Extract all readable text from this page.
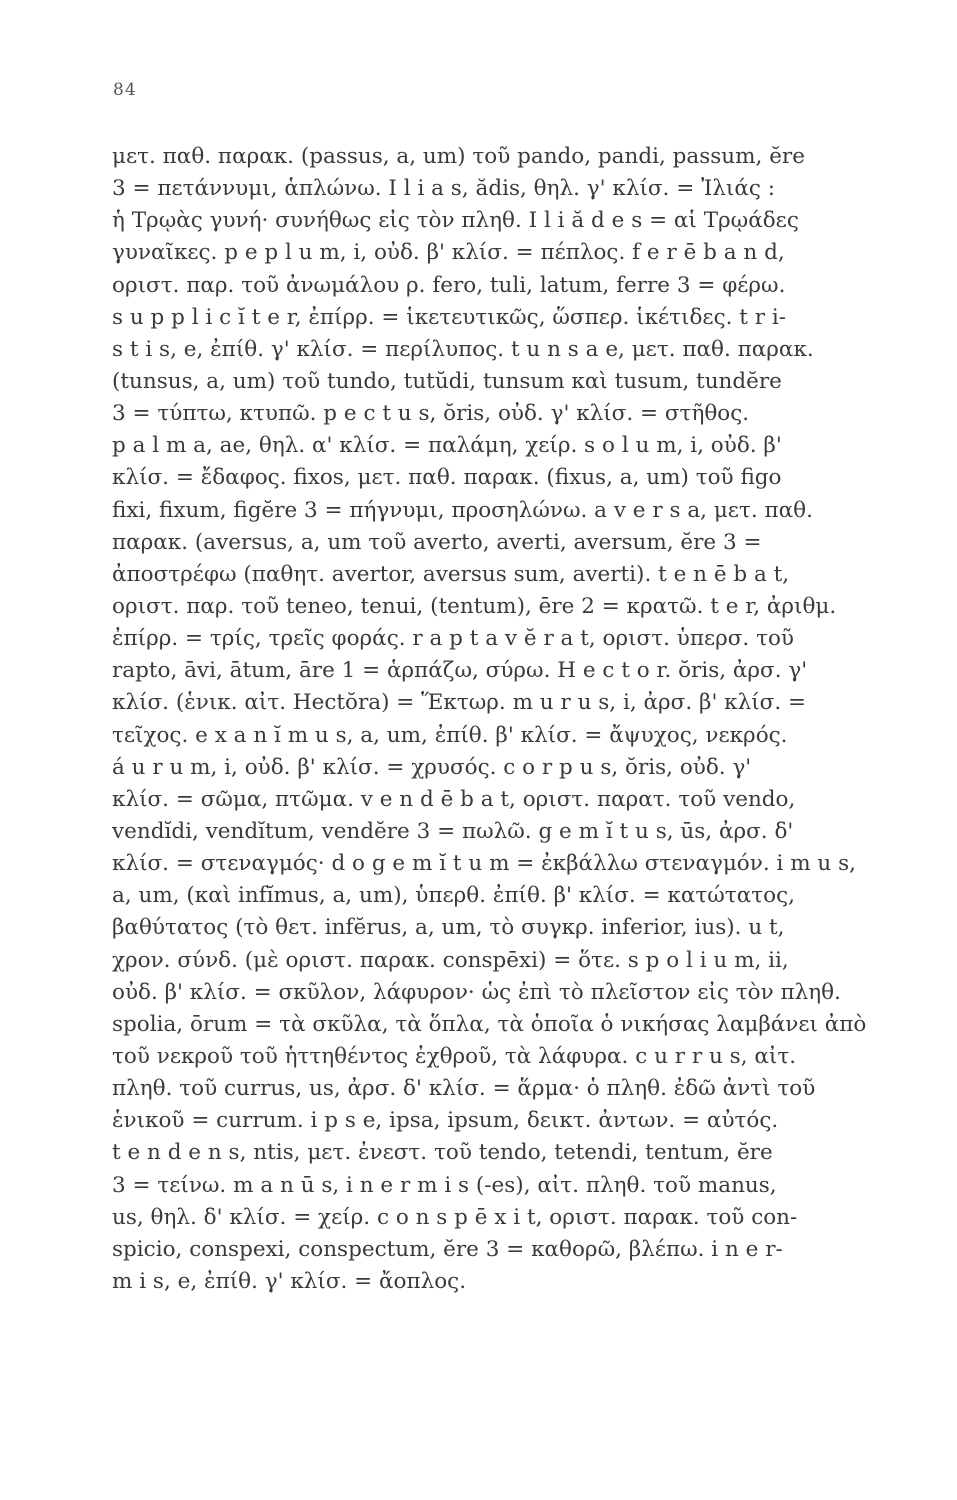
84
μετ. παθ. παρακ. (passus, a, um) τοῦ pando, pandi, passum, ĕre
3 = πετάννυμι, ἁπλώνω. I l i a s, ădis, θηλ. γ' κλίσ. = Ἰλιάς :
ἡ Τρῳὰς γυνή· συνήθως εἰς τὸν πληθ. I l i ă d e s = αἱ Τρῳάδες
γυναῖκες. p e p l u m, i, οὐδ. β' κλίσ. = πέπλος. f e r ē b a n d,
οριστ. παρ. τοῦ ἀνωμάλου ρ. fero, tuli, latum, ferre 3 = φέρω.
s u p p l i c ĭ t e r, ἐπίρρ. = ἱκετευτικῶς, ὥσπερ. ἱκέτιδες. t r i-
s t i s, e, ἐπίθ. γ' κλίσ. = περίλυπος. t u n s a e, μετ. παθ. παρακ.
(tunsus, a, um) τοῦ tundo, tutŭdi, tunsum καὶ tusum, tundĕre
3 = τύπτω, κτυπῶ. p e c t u s, ŏris, οὐδ. γ' κλίσ. = στῆθος.
p a l m a, ae, θηλ. α' κλίσ. = παλάμη, χείρ. s o l u m, i, οὐδ. β'
κλίσ. = ἔδαφος. fixos, μετ. παθ. παρακ. (fixus, a, um) τοῦ figo
fixi, fixum, figĕre 3 = πήγνυμι, προσηλώνω. a v e r s a, μετ. παθ.
παρακ. (aversus, a, um τοῦ averto, averti, aversum, ĕre 3 =
ἀποστρέφω (παθητ. avertor, aversus sum, averti). t e n ē b a t,
οριστ. παρ. τοῦ teneo, tenui, (tentum), ēre 2 = κρατῶ. t e r, ἀριθμ.
ἐπίρρ. = τρίς, τρεῖς φοράς. r a p t a v ĕ r a t, οριστ. ὑπερσ. τοῦ
rapto, āvi, ātum, āre 1 = ἁρπάζω, σύρω. H e c t o r. ŏris, ἀρσ. γ'
κλίσ. (ἑνικ. αἰτ. Hectŏra) = Ἕκτωρ. m u r u s, i, ἀρσ. β' κλίσ. =
τεῖχος. e x a n ĭ m u s, a, um, ἐπίθ. β' κλίσ. = ἄψυχος, νεκρός.
á u r u m, i, οὐδ. β' κλίσ. = χρυσός. c o r p u s, ŏris, οὐδ. γ'
κλίσ. = σῶμα, πτῶμα. v e n d ē b a t, οριστ. παρατ. τοῦ vendo,
vendĭdi, vendĭtum, vendĕre 3 = πωλῶ. g e m ĭ t u s, ūs, ἀρσ. δ'
κλίσ. = στεναγμός· d o g e m ĭ t u m = ἐκβάλλω στεναγμόν. i m u s,
a, um, (καὶ infĭmus, a, um), ὑπερθ. ἐπίθ. β' κλίσ. = κατώτατος,
βαθύτατος (τὸ θετ. infĕrus, a, um, τὸ συγκρ. inferior, ius). u t,
χρον. σύνδ. (μὲ οριστ. παρακ. conspēxi) = ὅτε. s p o l i u m, ii,
οὐδ. β' κλίσ. = σκῦλον, λάφυρον· ὡς ἐπὶ τὸ πλεῖστον εἰς τὸν πληθ.
spolia, ōrum = τὰ σκῦλα, τὰ ὅπλα, τὰ ὁποῖα ὁ νικήσας λαμβάνει ἀπὸ
τοῦ νεκροῦ τοῦ ἡττηθέντος ἐχθροῦ, τὰ λάφυρα. c u r r u s, αἰτ.
πληθ. τοῦ currus, us, ἀρσ. δ' κλίσ. = ἅρμα· ὁ πληθ. ἐδῶ ἀντὶ τοῦ
ἑνικοῦ = currum. i p s e, ipsa, ipsum, δεικτ. ἀντων. = αὐτός.
t e n d e n s, ntis, μετ. ἐνεστ. τοῦ tendo, tetendi, tentum, ĕre
3 = τείνω. m a n ū s, i n e r m i s (-es), αἰτ. πληθ. τοῦ manus,
us, θηλ. δ' κλίσ. = χείρ. c o n s p ē x i t, οριστ. παρακ. τοῦ con-
spicio, conspexi, conspectum, ĕre 3 = καθορῶ, βλέπω. i n e r-
m i s, e, ἐπίθ. γ' κλίσ. = ἄοπλος.
